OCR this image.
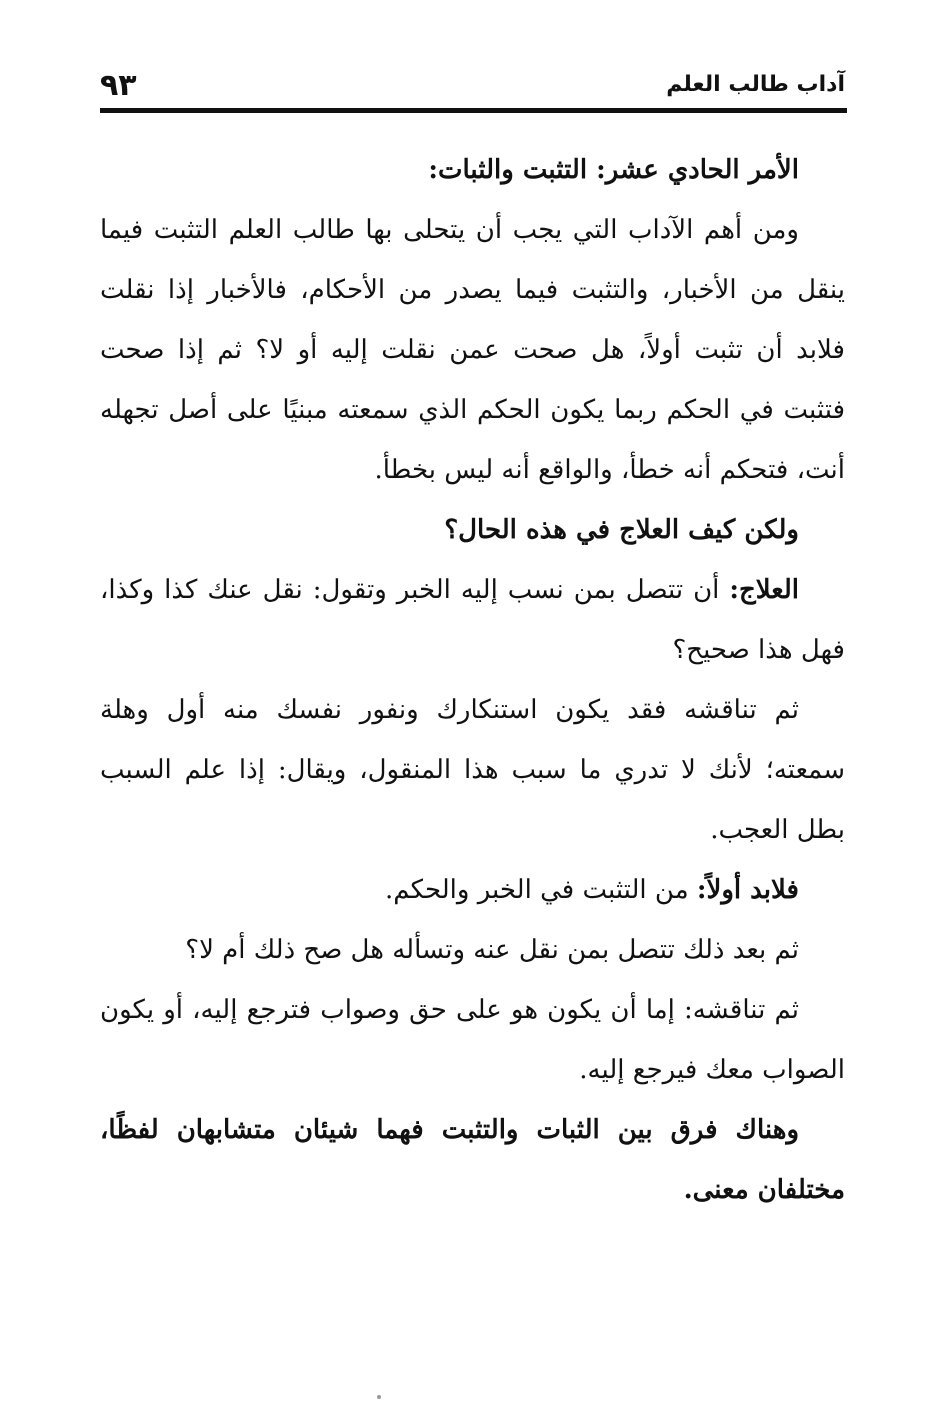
آداب طالب العلم
٩٣

الأمر الحادي عشر: التثبت والثبات:

ومن أهم الآداب التي يجب أن يتحلى بها طالب العلم التثبت فيما ينقل من الأخبار، والتثبت فيما يصدر من الأحكام، فالأخبار إذا نقلت فلابد أن تثبت أولاً، هل صحت عمن نقلت إليه أو لا؟ ثم إذا صحت فتثبت في الحكم ربما يكون الحكم الذي سمعته مبنيًا على أصل تجهله أنت، فتحكم أنه خطأ، والواقع أنه ليس بخطأ.

ولكن كيف العلاج في هذه الحال؟

العلاج: أن تتصل بمن نسب إليه الخبر وتقول: نقل عنك كذا وكذا، فهل هذا صحيح؟

ثم تناقشه فقد يكون استنكارك ونفور نفسك منه أول وهلة سمعته؛ لأنك لا تدري ما سبب هذا المنقول، ويقال: إذا علم السبب بطل العجب.

فلابد أولاً: من التثبت في الخبر والحكم.

ثم بعد ذلك تتصل بمن نقل عنه وتسأله هل صح ذلك أم لا؟

ثم تناقشه: إما أن يكون هو على حق وصواب فترجع إليه، أو يكون الصواب معك فيرجع إليه.

وهناك فرق بين الثبات والتثبت فهما شيئان متشابهان لفظًا، مختلفان معنى.
